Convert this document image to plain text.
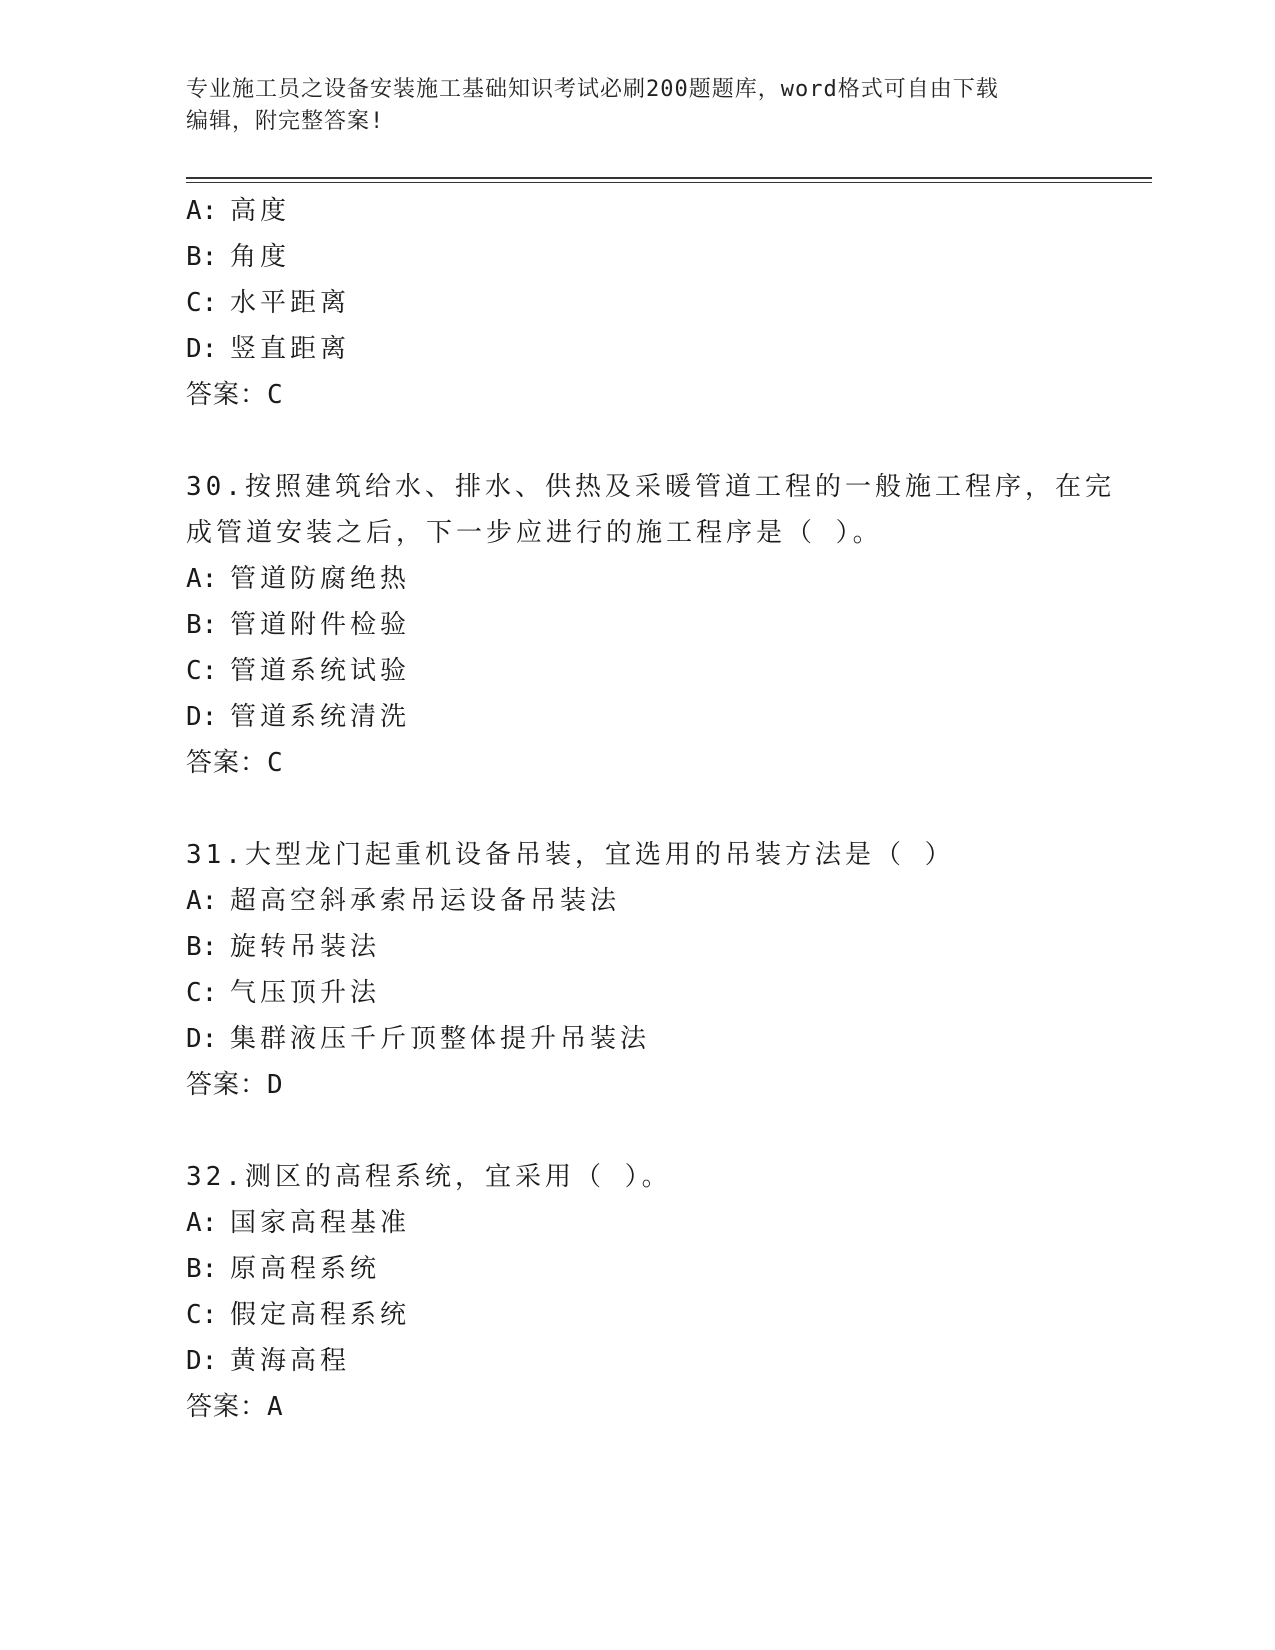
专业施工员之设备安装施工基础知识考试必刷200题题库，word格式可自由下载
编辑，附完整答案!
A: 高度
B: 角度
C: 水平距离
D: 竖直距离
答案：C
30.按照建筑给水、排水、供热及采暖管道工程的一般施工程序，在完
成管道安装之后，下一步应进行的施工程序是（ ）。
A: 管道防腐绝热
B: 管道附件检验
C: 管道系统试验
D: 管道系统清洗
答案：C
31.大型龙门起重机设备吊装，宜选用的吊装方法是（ ）
A: 超高空斜承索吊运设备吊装法
B: 旋转吊装法
C: 气压顶升法
D: 集群液压千斤顶整体提升吊装法
答案：D
32.测区的高程系统，宜采用（ ）。
A: 国家高程基准
B: 原高程系统
C: 假定高程系统
D: 黄海高程
答案：A
